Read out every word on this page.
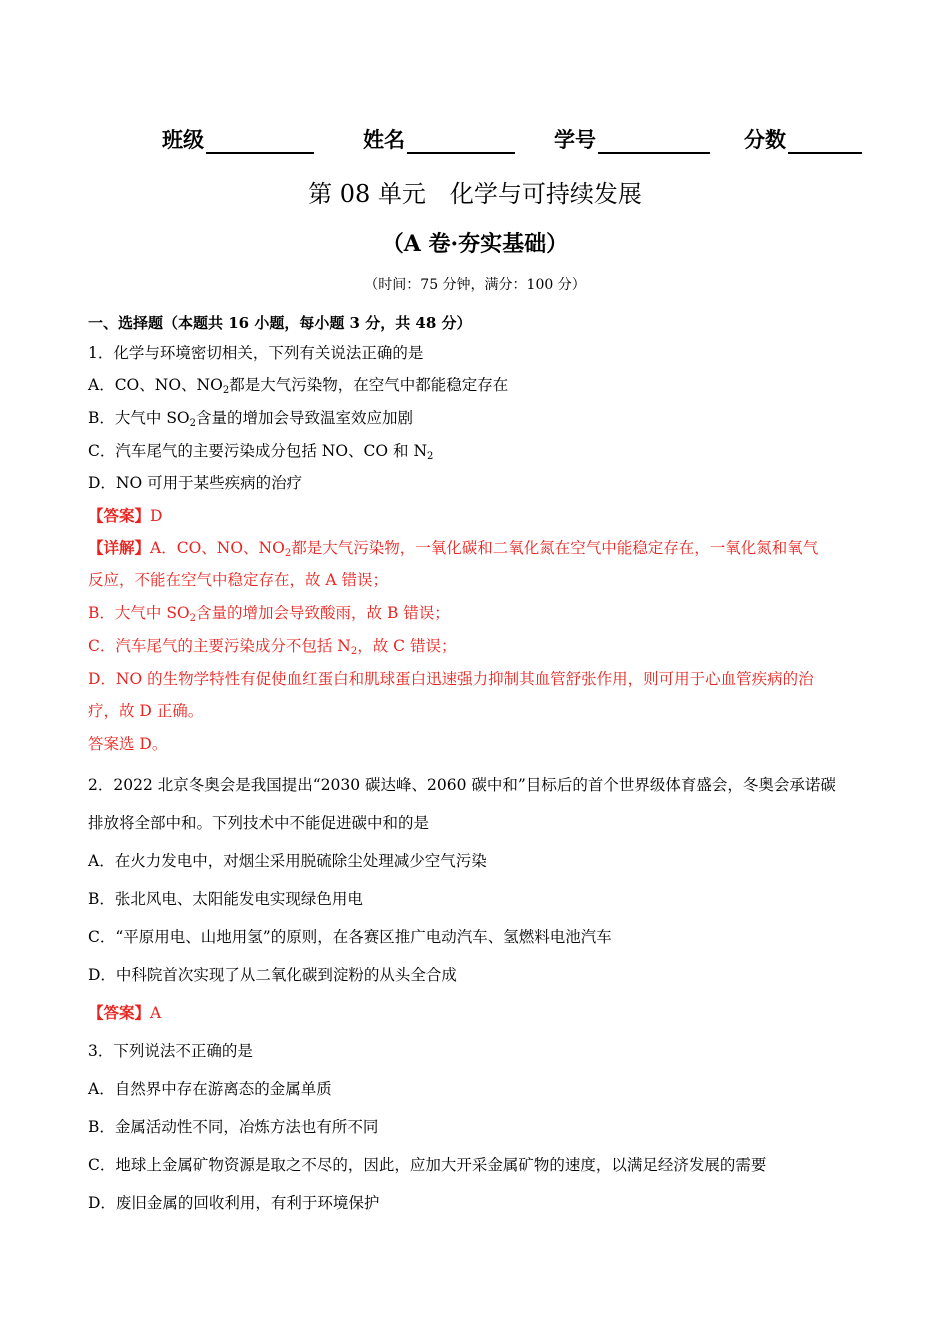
班级	姓名	学号	分数
第 08 单元　化学与可持续发展
（A 卷·夯实基础）
（时间：75 分钟，满分：100 分）
一、选择题（本题共 16 小题，每小题 3 分，共 48 分）
1．化学与环境密切相关，下列有关说法正确的是
A．CO、NO、$NO_2$都是大气污染物，在空气中都能稳定存在
B．大气中 $SO_2$含量的增加会导致温室效应加剧
C．汽车尾气的主要污染成分包括 NO、CO 和 $N_2$
D．NO 可用于某些疾病的治疗
【答案】D
【详解】A．CO、NO、$NO_2$都是大气污染物，一氧化碳和二氧化氮在空气中能稳定存在，一氧化氮和氧气
反应，不能在空气中稳定存在，故 A 错误；
B．大气中 $SO_2$含量的增加会导致酸雨，故 B 错误；
C．汽车尾气的主要污染成分不包括 $N_2$，故 C 错误；
D．NO 的生物学特性有促使血红蛋白和肌球蛋白迅速强力抑制其血管舒张作用，则可用于心血管疾病的治
疗，故 D 正确。
答案选 D。
2．2022 北京冬奥会是我国提出“2030 碳达峰、2060 碳中和”目标后的首个世界级体育盛会，冬奥会承诺碳
排放将全部中和。下列技术中不能促进碳中和的是
A．在火力发电中，对烟尘采用脱硫除尘处理减少空气污染
B．张北风电、太阳能发电实现绿色用电
C．“平原用电、山地用氢”的原则，在各赛区推广电动汽车、氢燃料电池汽车
D．中科院首次实现了从二氧化碳到淀粉的从头全合成
【答案】A
3．下列说法不正确的是
A．自然界中存在游离态的金属单质
B．金属活动性不同，冶炼方法也有所不同
C．地球上金属矿物资源是取之不尽的，因此，应加大开采金属矿物的速度，以满足经济发展的需要
D．废旧金属的回收利用，有利于环境保护
